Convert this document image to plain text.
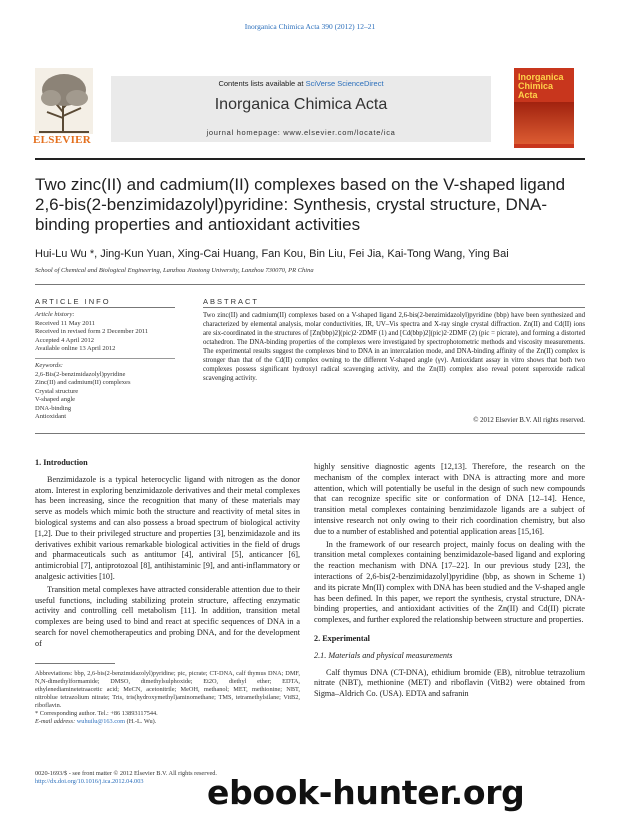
Inorganica Chimica Acta 390 (2012) 12–21
ELSEVIER
Contents lists available at SciVerse ScienceDirect
Inorganica Chimica Acta
journal homepage: www.elsevier.com/locate/ica
Inorganica Chimica Acta
Two zinc(II) and cadmium(II) complexes based on the V-shaped ligand 2,6-bis(2-benzimidazolyl)pyridine: Synthesis, crystal structure, DNA-binding properties and antioxidant activities
Hui-Lu Wu *, Jing-Kun Yuan, Xing-Cai Huang, Fan Kou, Bin Liu, Fei Jia, Kai-Tong Wang, Ying Bai
School of Chemical and Biological Engineering, Lanzhou Jiaotong University, Lanzhou 730070, PR China
ARTICLE INFO	ABSTRACT
Article history:
Received 11 May 2011
Received in revised form 2 December 2011
Accepted 4 April 2012
Available online 13 April 2012
Keywords:
2,6-Bis(2-benzimidazolyl)pyridine
Zinc(II) and cadmium(II) complexes
Crystal structure
V-shaped angle
DNA-binding
Antioxidant
Two zinc(II) and cadmium(II) complexes based on a V-shaped ligand 2,6-bis(2-benzimidazolyl)pyridine (bbp) have been synthesized and characterized by elemental analysis, molar conductivities, IR, UV–Vis spectra and X-ray single crystal diffraction. Zn(II) and Cd(II) ions are six-coordinated in the structures of [Zn(bbp)2](pic)2·2DMF (1) and [Cd(bbp)2](pic)2·2DMF (2) (pic = picrate), and forming a distorted octahedron. The DNA-binding properties of the complexes were investigated by spectrophotometric methods and viscosity measurements. The experimental results suggest the complexes bind to DNA in an intercalation mode, and DNA-binding affinity of the Zn(II) complex is stronger than that of the Cd(II) complex owning to the different V-shaped angle (γv). Antioxidant assay in vitro shows that both two complexes possess significant hydroxyl radical scavenging activity, and the Zn(II) complex also reveal potent superoxide radical scavenging activity.
© 2012 Elsevier B.V. All rights reserved.
1. Introduction

Benzimidazole is a typical heterocyclic ligand with nitrogen as the donor atom. Interest in exploring benzimidazole derivatives and their metal complexes has been increasing, since the recognition that many of these materials may serve as models which mimic both the structure and reactivity of metal sites in biological systems and can also possess a broad spectrum of biological activity [1,2]. Due to their privileged structure and properties [3], benzimidazole and its derivatives exhibit various remarkable biological activities in the field of drugs and pharmaceuticals such as antitumor [4], antiviral [5], anticancer [6], antimicrobial [7], antiprotozoal [8], antihistaminic [9], and anti-inflammatory or analgesic activities [10].

Transition metal complexes have attracted considerable attention due to their useful functions, including stabilizing protein structure, affecting enzymatic activity and controlling cell metabolism [11]. In addition, transition metal complexes are being used to bind and react at specific sequences of DNA in a search for novel chemotherapeutics and probing DNA, and for the development of

highly sensitive diagnostic agents [12,13]. Therefore, the research on the mechanism of the complex interact with DNA is attracting more and more attention, which will potentially be useful in the design of such new compounds that can recognize specific site or conformation of DNA [12–14]. Hence, transition metal complexes containing benzimidazole ligands are a subject of intensive research not only owing to their rich coordination chemistry, but also due to a number of established and potential application areas [15,16].

In the framework of our research project, mainly focus on dealing with the transition metal complexes containing benzimidazole-based ligand and exploring the reaction mechanism with DNA [17–22]. In our previous study [23], the interactions of 2,6-bis(2-benzimidazolyl)pyridine (bbp, as shown in Scheme 1) and its picrate Mn(II) complex with DNA has been studied and the V-shaped angle has been defined. In this paper, we report the synthesis, crystal structure, DNA-binding properties, and antioxidant activities of the Zn(II) and Cd(II) picrate complexes, and further explored the relationship between structure and properties.

2. Experimental
2.1. Materials and physical measurements

Calf thymus DNA (CT-DNA), ethidium bromide (EB), nitroblue tetrazolium nitrate (NBT), methionine (MET) and riboflavin (VitB2) were obtained from Sigma–Aldrich Co. (USA). EDTA and safranin

Abbreviations: bbp, 2,6-bis(2-benzimidazolyl)pyridine; pic, picrate; CT-DNA, calf thymus DNA; DMF, N,N-dimethylformamide; DMSO, dimethylsulphoxide; Et2O, diethyl ether; EDTA, ethylenediaminetetraacetic acid; MeCN, acetonitrile; MeOH, methanol; MET, methionine; NBT, nitroblue tetrazolium nitrate; Tris, tris(hydroxymethyl)aminomethane; TMS, tetramethylsilane; VitB2, riboflavin.
* Corresponding author. Tel.: +86 13893117544.
E-mail address: wuhuilu@163.com (H.-L. Wu).
0020-1693/$ - see front matter © 2012 Elsevier B.V. All rights reserved.
http://dx.doi.org/10.1016/j.ica.2012.04.003	ebook-hunter.org
